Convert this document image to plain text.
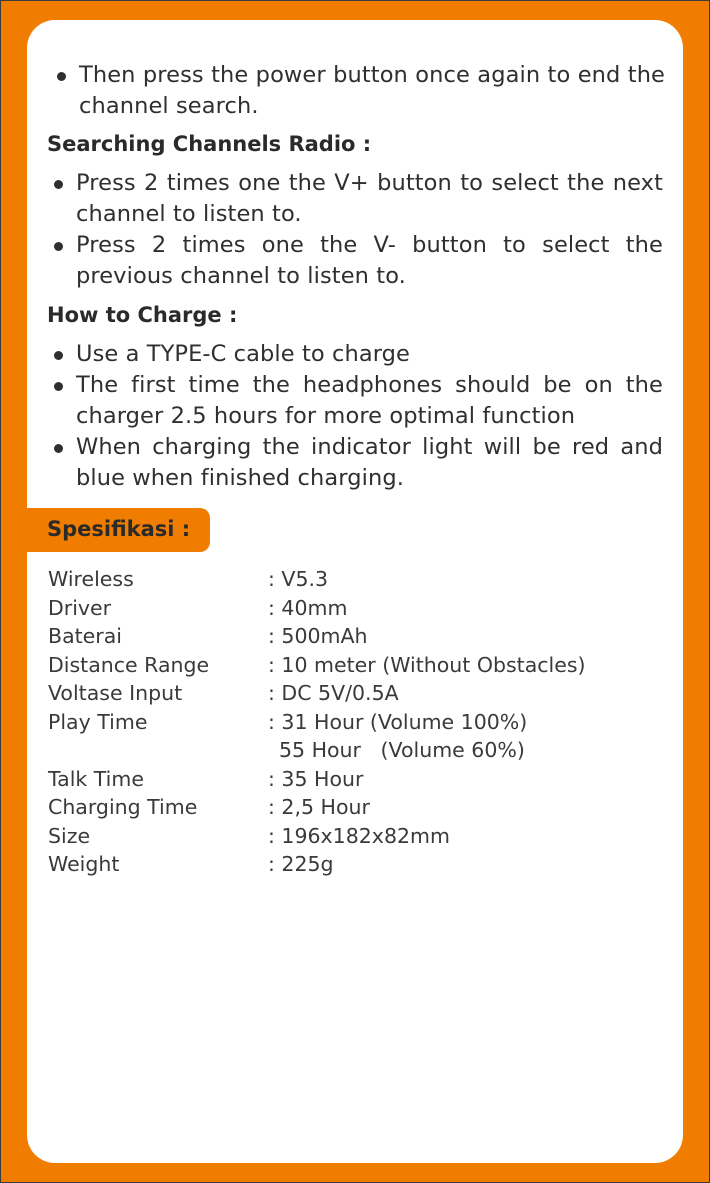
Then press the power button once again to end the channel search.
Searching Channels Radio :
Press 2 times one the V+ button to select the next channel to listen to.
Press 2 times one the V- button to select the previous channel to listen to.
How to Charge :
Use a TYPE-C cable to charge
The first time the headphones should be on the charger 2.5 hours for more optimal function
When charging the indicator light will be red and blue when finished charging.
Spesifikasi :
Wireless	: V5.3
Driver	: 40mm
Baterai	: 500mAh
Distance Range	: 10 meter (Without Obstacles)
Voltase Input	: DC 5V/0.5A
Play Time	: 31 Hour (Volume 100%)
55 Hour   (Volume 60%)
Talk Time	: 35 Hour
Charging Time	: 2,5 Hour
Size	: 196x182x82mm
Weight	: 225g
